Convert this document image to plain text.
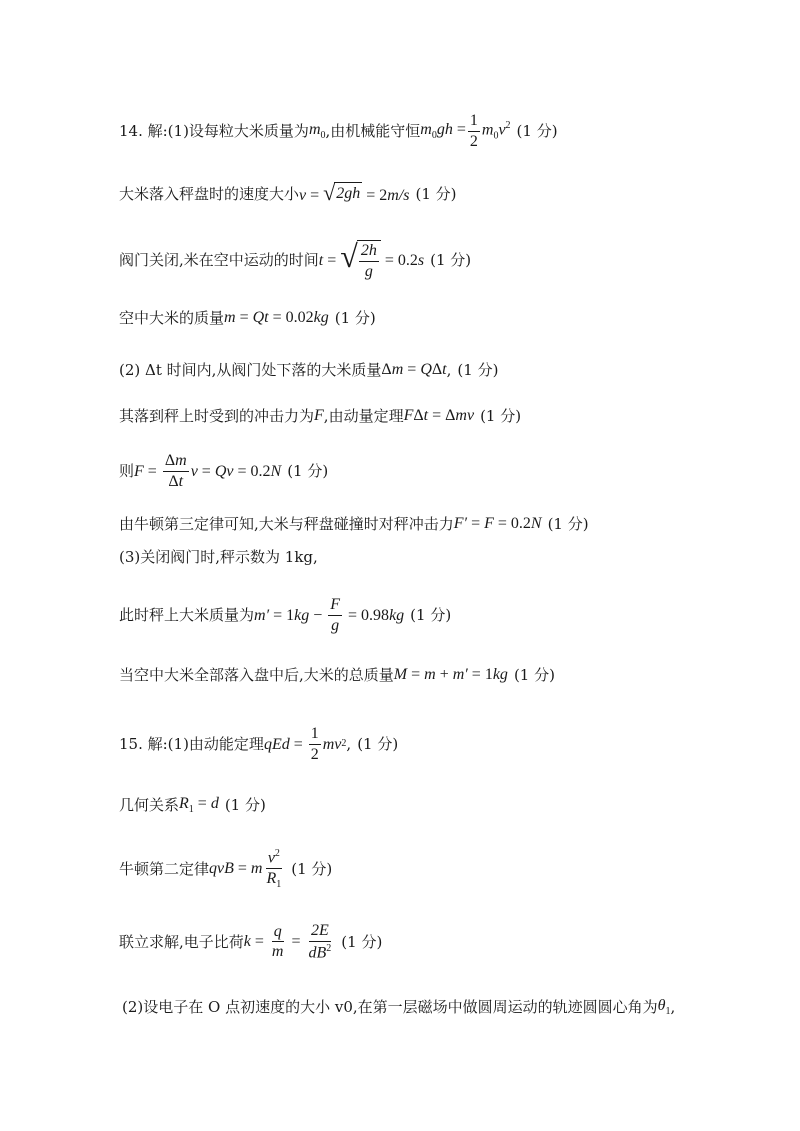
14. 解:(1)设每粒大米质量为 $m_0$ ,由机械能守恒 $m_0gh = \frac{1}{2} m_0v^2$ (1 分)
大米落入秤盘时的速度大小 v = √ 2gh = 2m/s (1 分)
阀门关闭,米在空中运动的时间 t = √ $\frac{2h}{g} = 0.2$ s (1 分)
空中大米的质量 m = Qt = 0.02kg (1 分)
(2) Δt 时间内,从阀门处下落的大米质量 Δm = QΔt , (1 分)
其落到秤上时受到的冲击力为 F ,由动量定理 FΔt = Δmv (1 分)
则 $F = \frac{\Delta m}{\Delta t}$ v = Qv = 0.2 N (1 分)
由牛顿第三定律可知,大米与秤盘碰撞时对秤冲击力 F′ = F = 0.2N (1 分)
(3)关闭阀门时,秤示数为 1kg,
此时秤上大米质量为 m′ = 1 kg − $\frac{F}{g} = 0.98$ kg (1 分)
当空中大米全部落入盘中后,大米的总质量 M = m + m′ = 1kg (1 分)
15. 解:(1)由动能定理 qEd = $\frac{1}{2}$ mv 2 , (1 分)
几何关系 $R_1 = d$ (1 分)
牛顿第二定律 qvB = m $\frac{v^2}{R_1} (1$ 分)
联立求解,电子比荷 $k = \frac{q}{m} = \frac{2E}{dB^2} (1$ 分)
(2)设电子在 O 点初速度的大小 v0,在第一层磁场中做圆周运动的轨迹圆圆心角为 $\theta_1$ ,
